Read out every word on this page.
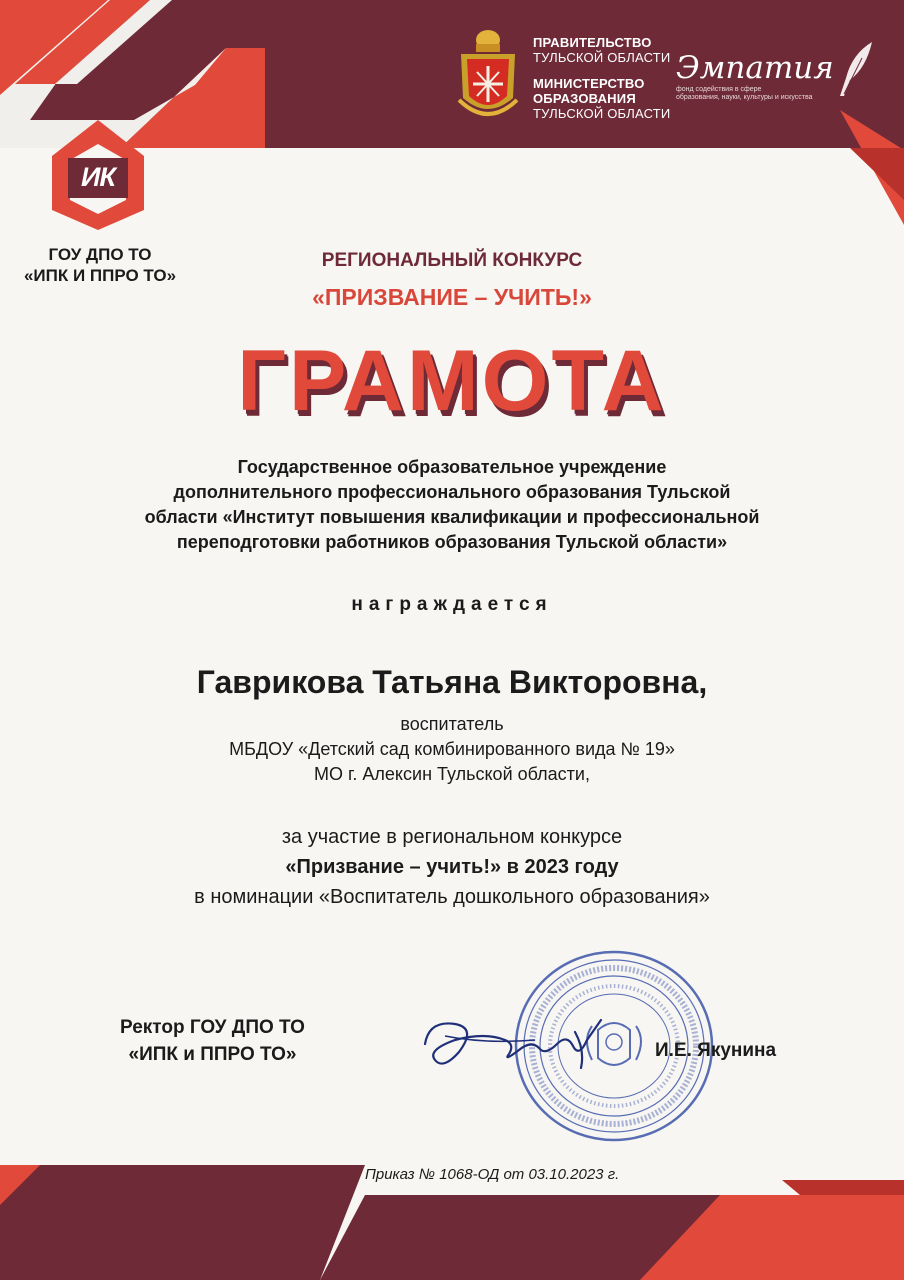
ПРАВИТЕЛЬСТВО
ТУЛЬСКОЙ ОБЛАСТИ
МИНИСТЕРСТВО
ОБРАЗОВАНИЯ
ТУЛЬСКОЙ ОБЛАСТИ
Эмпатия
фонд содействия в сфере
образования, науки, культуры и искусства
ИК
ГОУ ДПО ТО
«ИПК И ППРО ТО»
РЕГИОНАЛЬНЫЙ КОНКУРС
«ПРИЗВАНИЕ – УЧИТЬ!»
ГРАМОТА
Государственное образовательное учреждение
дополнительного профессионального образования Тульской
области «Институт повышения квалификации и профессиональной
переподготовки работников образования Тульской области»
награждается
Гаврикова Татьяна Викторовна,
воспитатель
МБДОУ «Детский сад комбинированного вида № 19»
МО г. Алексин Тульской области,
за участие в региональном конкурсе
«Призвание – учить!» в 2023 году
в номинации «Воспитатель дошкольного образования»
Ректор ГОУ ДПО ТО
«ИПК и ППРО ТО»	И.Е. Якунина
Приказ № 1068-ОД от 03.10.2023 г.
